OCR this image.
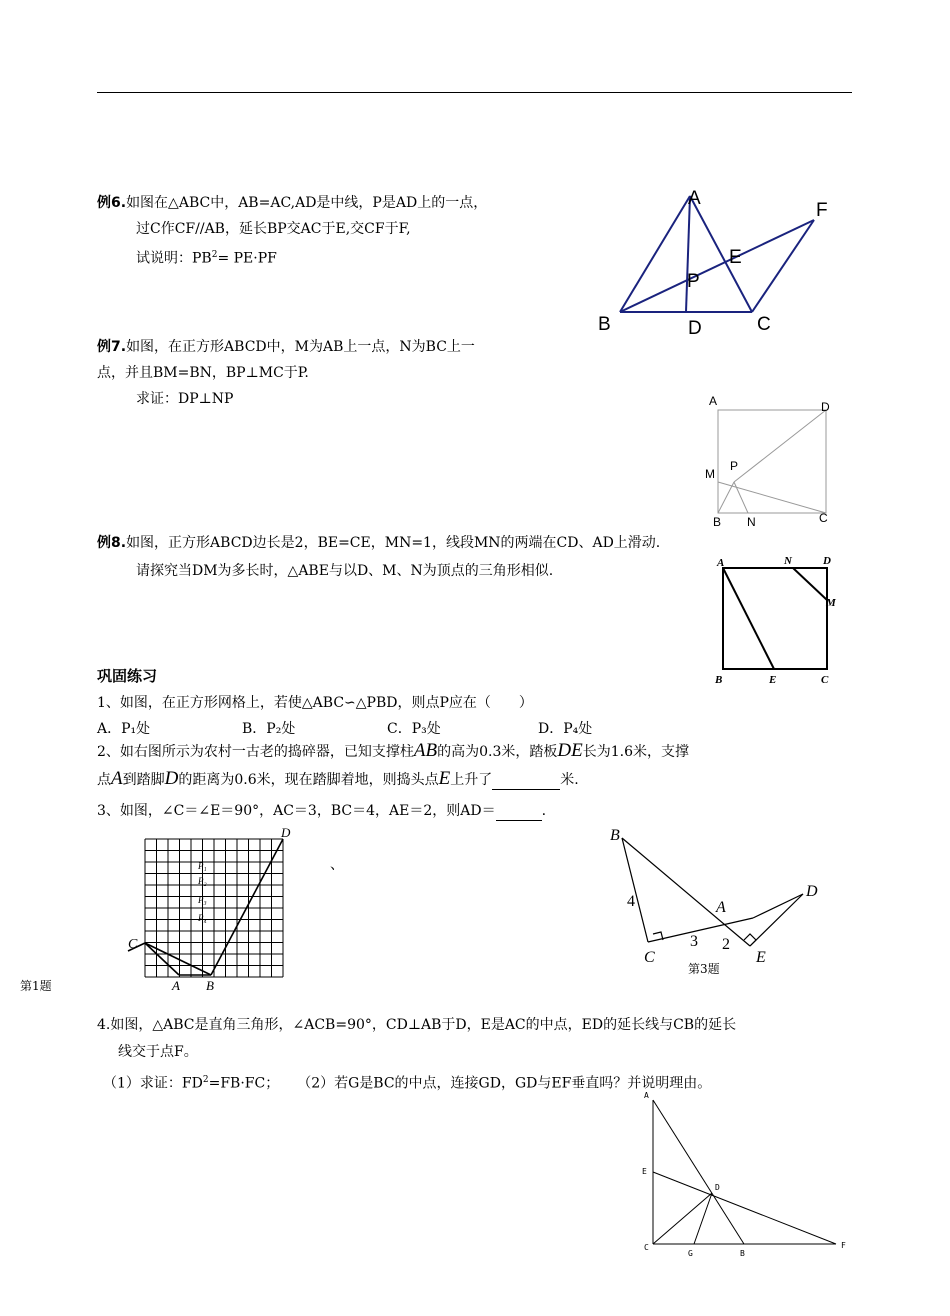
例6.如图在△ABC中，AB=AC,AD是中线，P是AD上的一点，
过C作CF//AB，延长BP交AC于E,交CF于F,
试说明：$PB^2= PE\cdot PF$
A
F
E
P
B	D	C
例7.如图，在正方形ABCD中，M为AB上一点，N为BC上一
点，并且BM=BN，BP⊥MC于P.
求证：DP⊥NP	A	D
P
M
B N	C
例8.如图，正方形ABCD边长是2，BE=CE，MN=1，线段MN的两端在CD、AD上滑动.
请探究当DM为多长时，△ABE与以D、M、N为顶点的三角形相似.	A	N	D
M
B	E	C
巩固练习
1、如图，在正方形网格上，若使△ABC∽△PBD，则点P应在（　　）
A．P₁处	B．P₂处	C．P₃处	D．P₄处
2、如右图所示为农村一古老的捣碎器，已知支撑柱AB的高为0.3米，踏板DE长为1.6米，支撑
点A到踏脚D的距离为0.6米，现在踏脚着地，则捣头点E上升了	米.
3、如图，∠C＝∠E＝90°，AC＝3，BC＝4，AE＝2，则AD＝	.
C
A B
D
P₁
P₂
P₃
P₄
第1题
、
B
4	A
D
3 2
C	E
第3题
4.如图，△ABC是直角三角形，∠ACB=90°，CD⊥AB于D，E是AC的中点，ED的延长线与CB的延长
线交于点F。
（1）求证：$FD^2=FB\cdot FC$； （2）若G是BC的中点，连接GD，GD与EF垂直吗？并说明理由。
A
E
D
C
G	B
F
